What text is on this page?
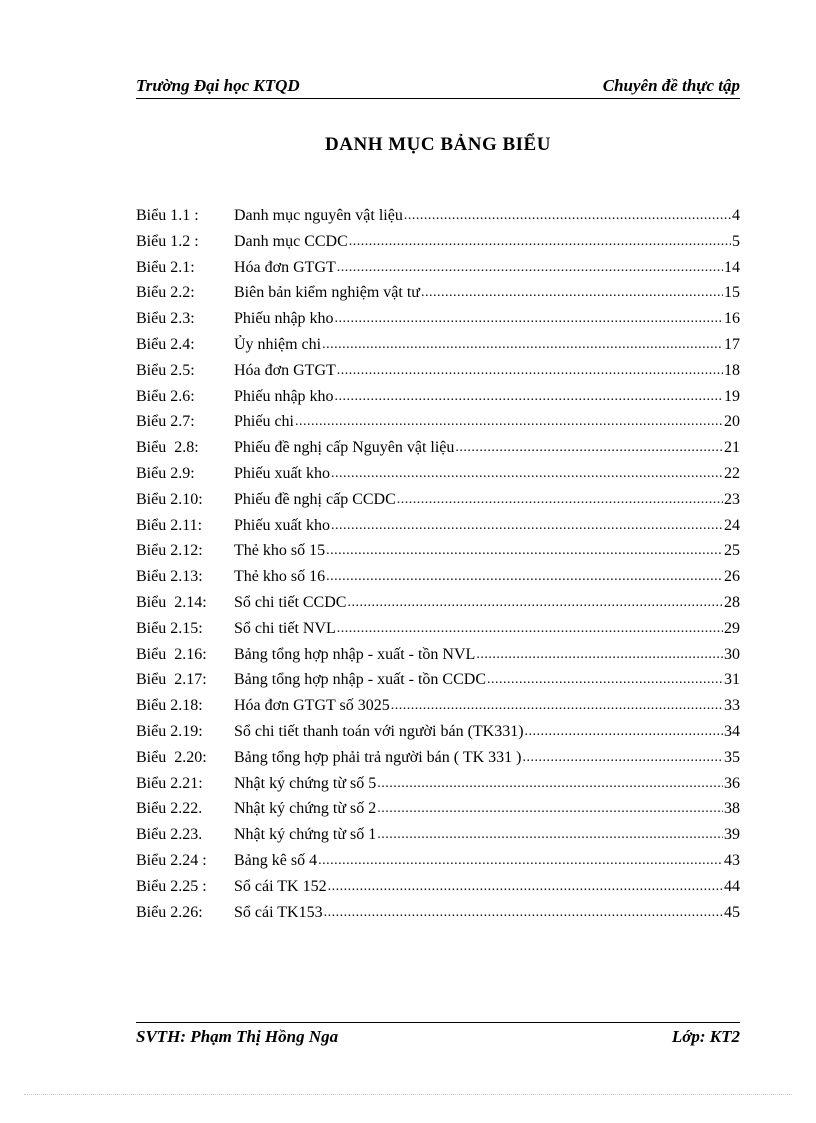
Trường Đại học KTQD	Chuyên đề thực tập
DANH MỤC BẢNG BIỂU
Biểu 1.1 : Danh mục nguyên vật liệu .....	4
Biểu 1.2 : Danh mục CCDC .....	5
Biểu 2.1: Hóa đơn GTGT .....	14
Biểu 2.2: Biên bản kiểm nghiệm vật tư .....	15
Biểu 2.3: Phiếu nhập kho .....	16
Biểu 2.4: Ủy nhiệm chi .....	17
Biểu 2.5: Hóa đơn GTGT .....	18
Biểu 2.6: Phiếu nhập kho .....	19
Biểu 2.7: Phiếu chi .....	20
Biểu  2.8: Phiếu đề nghị cấp Nguyên vật liệu .....	21
Biểu 2.9: Phiếu xuất kho .....	22
Biểu 2.10: Phiếu đề nghị cấp CCDC .....	23
Biểu 2.11: Phiếu xuất kho .....	24
Biểu 2.12: Thẻ kho số 15 .....	25
Biểu 2.13: Thẻ kho số 16 .....	26
Biểu  2.14: Sổ chi tiết CCDC .....	28
Biểu 2.15: Sổ chi tiết NVL .....	29
Biểu  2.16: Bảng tổng hợp nhập - xuất - tồn NVL .....	30
Biểu  2.17: Bảng tổng hợp nhập - xuất - tồn CCDC .....	31
Biểu 2.18: Hóa đơn GTGT số 3025 .....	33
Biểu 2.19: Sổ chi tiết thanh toán với người bán (TK331) .....	34
Biểu  2.20: Bảng tổng hợp phải trả người bán ( TK 331 ) .....	35
Biểu 2.21: Nhật ký chứng từ số 5 .....	36
Biểu 2.22. Nhật ký chứng từ số 2 .....	38
Biểu 2.23. Nhật ký chứng từ số 1 .....	39
Biểu 2.24 : Bảng kê số 4 .....	43
Biểu 2.25 : Sổ cái TK 152 .....	44
Biểu 2.26: Sổ cái TK153 .....	45
SVTH: Phạm Thị Hồng Nga	Lớp: KT2
